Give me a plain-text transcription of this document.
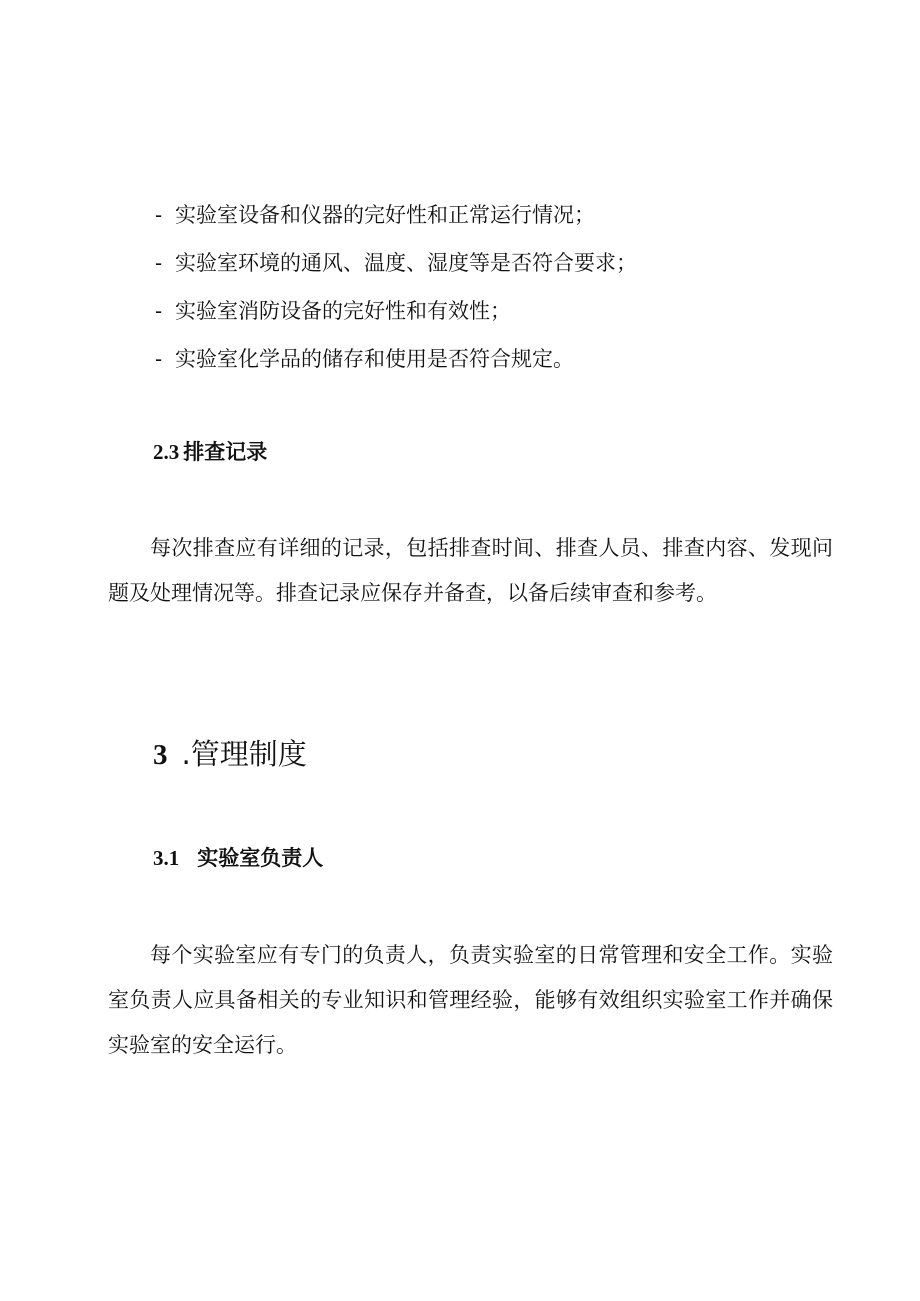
- 实验室设备和仪器的完好性和正常运行情况；
- 实验室环境的通风、温度、湿度等是否符合要求；
- 实验室消防设备的完好性和有效性；
- 实验室化学品的储存和使用是否符合规定。
2.3 排查记录

每次排查应有详细的记录，包括排查时间、排查人员、排查内容、发现问题及处理情况等。排查记录应保存并备查，以备后续审查和参考。

3 .管理制度
3.1 实验室负责人

每个实验室应有专门的负责人，负责实验室的日常管理和安全工作。实验室负责人应具备相关的专业知识和管理经验，能够有效组织实验室工作并确保实验室的安全运行。
